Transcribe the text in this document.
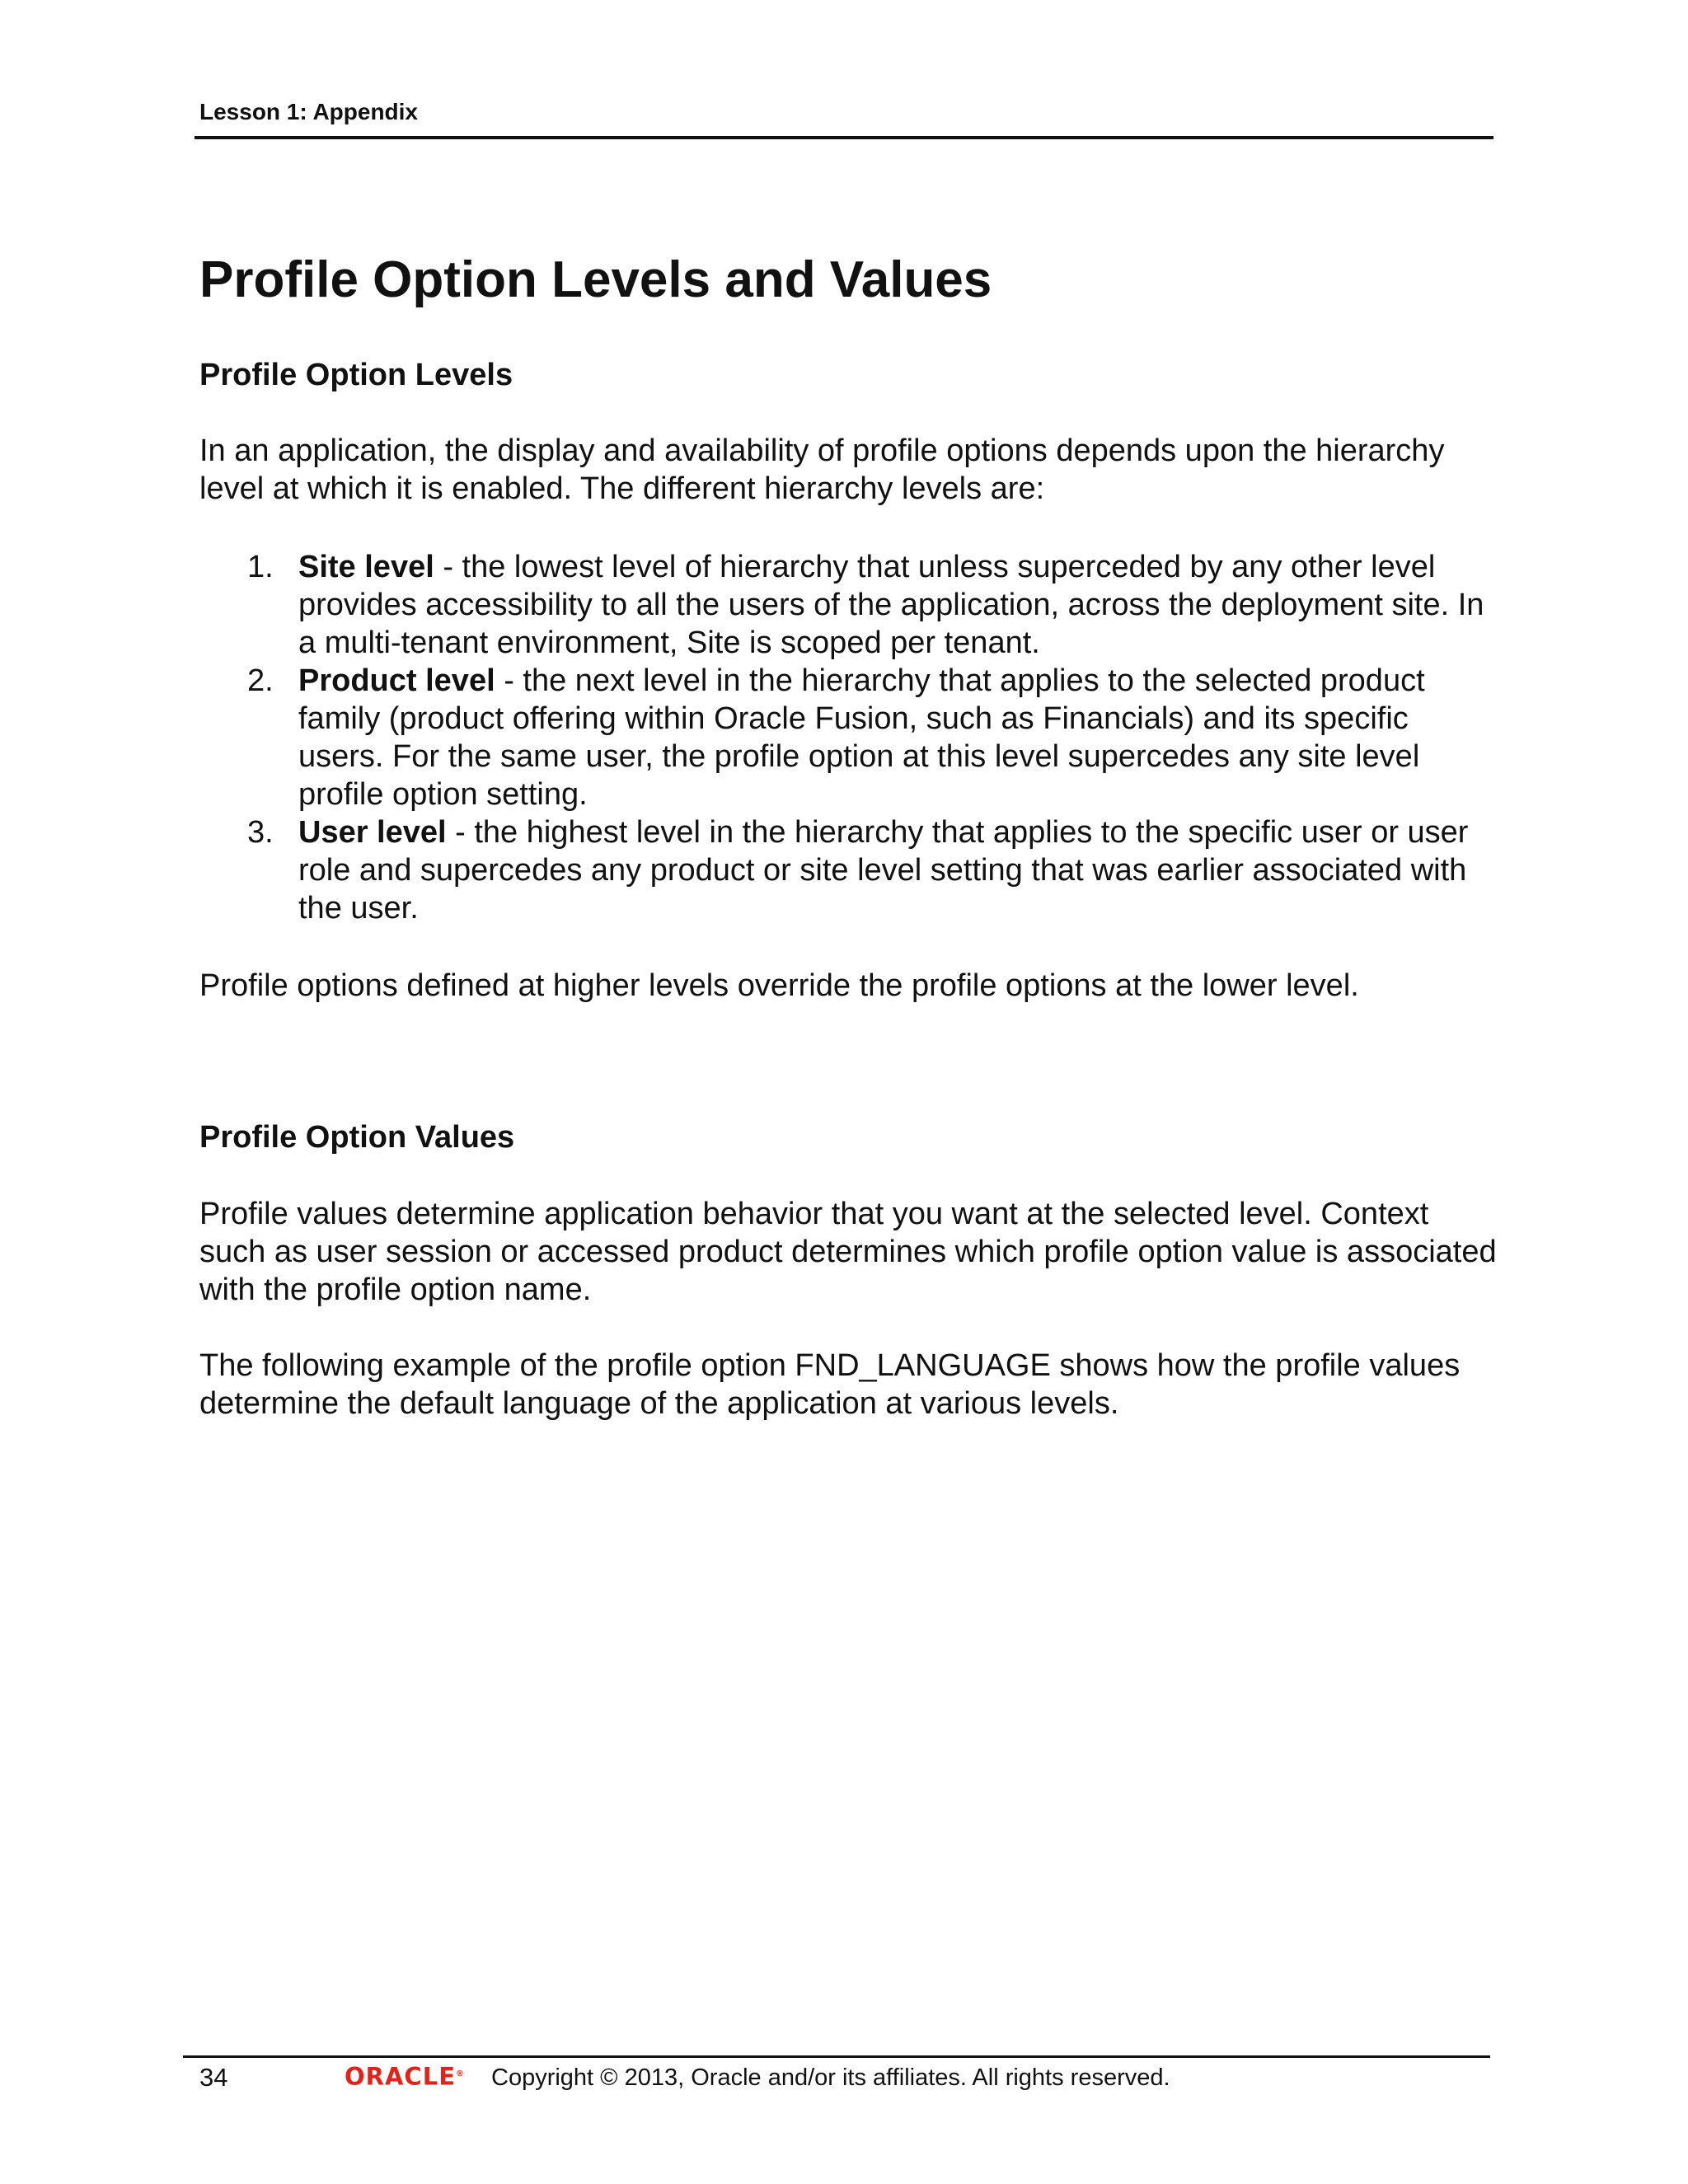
Lesson 1: Appendix
Profile Option Levels and Values
Profile Option Levels

In an application, the display and availability of profile options depends upon the hierarchy level at which it is enabled. The different hierarchy levels are:

1. Site level - the lowest level of hierarchy that unless superceded by any other level provides accessibility to all the users of the application, across the deployment site. In a multi-tenant environment, Site is scoped per tenant.
2. Product level - the next level in the hierarchy that applies to the selected product family (product offering within Oracle Fusion, such as Financials) and its specific users. For the same user, the profile option at this level supercedes any site level profile option setting.
3. User level - the highest level in the hierarchy that applies to the specific user or user role and supercedes any product or site level setting that was earlier associated with the user.

Profile options defined at higher levels override the profile options at the lower level.

Profile Option Values

Profile values determine application behavior that you want at the selected level. Context such as user session or accessed product determines which profile option value is associated with the profile option name.

The following example of the profile option FND_LANGUAGE shows how the profile values determine the default language of the application at various levels.

34	ORACLE® Copyright © 2013, Oracle and/or its affiliates. All rights reserved.
